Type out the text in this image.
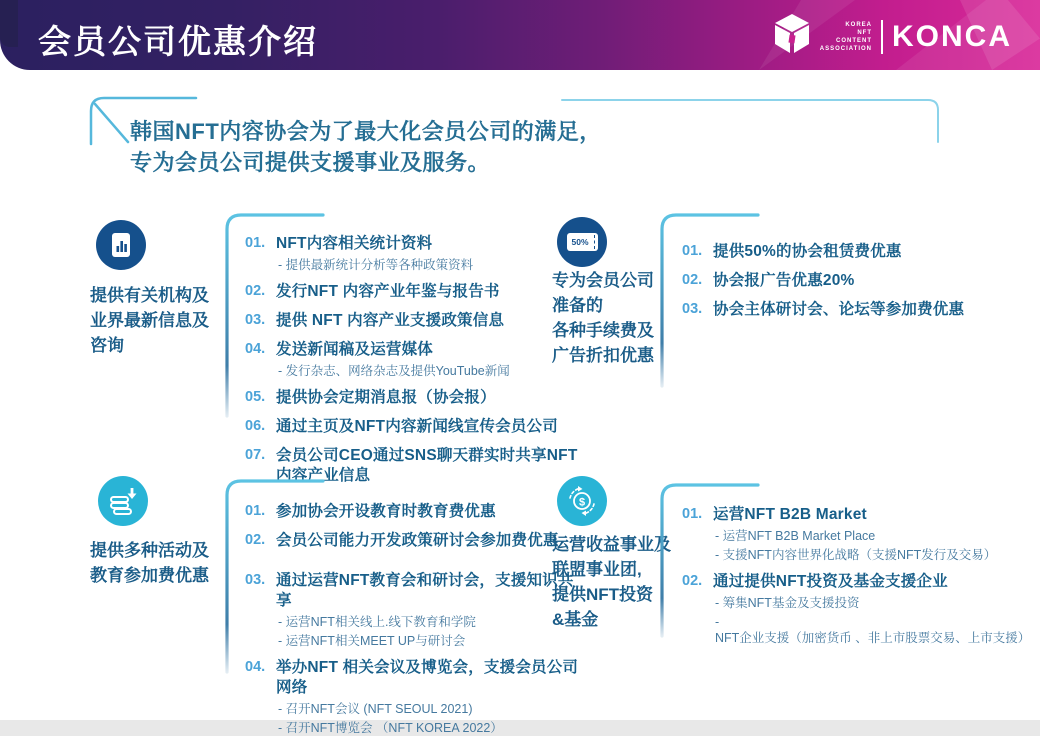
会员公司优惠介绍	KOREA
NFT
CONTENT
ASSOCIATION KONCA
韩国NFT内容协会为了最大化会员公司的满足，
专为会员公司提供支援事业及服务。
提供有关机构及
业界最新信息及
咨询
01. NFT内容相关统计资料
- 提供最新统计分析等各种政策资料
02. 发行NFT 内容产业年鉴与报告书
03. 提供 NFT 内容产业支援政策信息
04. 发送新闻稿及运营媒体
- 发行杂志、网络杂志及提供YouTube新闻
05. 提供协会定期消息报（协会报）
06. 通过主页及NFT内容新闻线宣传会员公司
07. 会员公司CEO通过SNS聊天群实时共享NFT内容产业信息
50%
专为会员公司
准备的
各种手续费及
广告折扣优惠
01. 提供50%的协会租赁费优惠
02. 协会报广告优惠20%
03. 协会主体研讨会、论坛等参加费优惠
提供多种活动及
教育参加费优惠
01. 参加协会开设教育时教育费优惠
02. 会员公司能力开发政策研讨会参加费优惠
03. 通过运营NFT教育会和研讨会，支援知识共享
- 运营NFT相关线上.线下教育和学院
- 运营NFT相关MEET UP与研讨会
04. 举办NFT 相关会议及博览会，支援会员公司网络
- 召开NFT会议 (NFT SEOUL 2021)
- 召开NFT博览会 （NFT KOREA 2022）
$
运营收益事业及
联盟事业团,
提供NFT投资
&基金
01. 运营NFT B2B Market
- 运营NFT B2B Market Place
- 支援NFT内容世界化战略（支援NFT发行及交易）
02. 通过提供NFT投资及基金支援企业
- 筹集NFT基金及支援投资
- NFT企业支援（加密货币 、非上市股票交易、上市支援）
